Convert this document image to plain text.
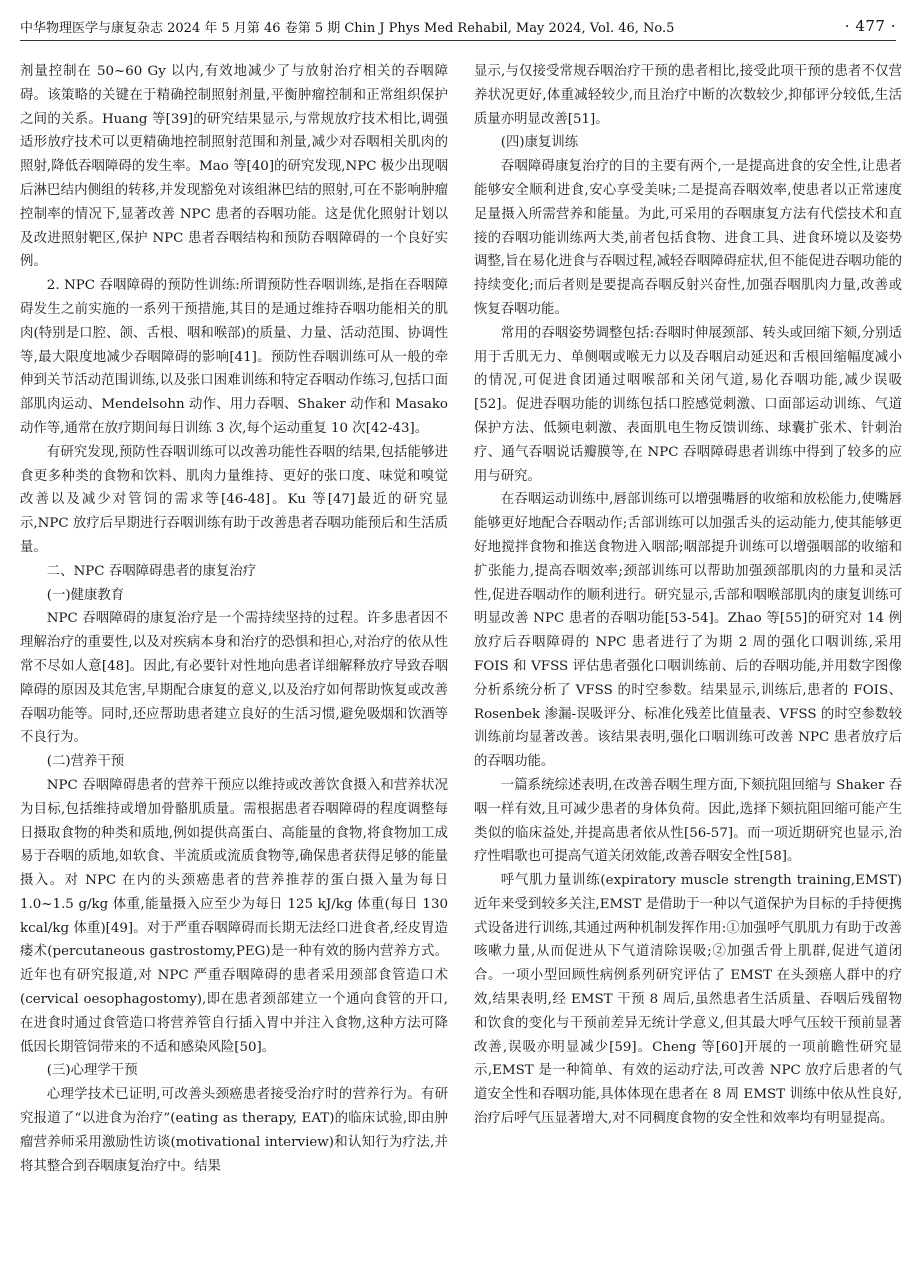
中华物理医学与康复杂志 2024 年 5 月第 46 卷第 5 期 Chin J Phys Med Rehabil, May 2024, Vol. 46, No.5	· 477 ·

剂量控制在 50~60 Gy 以内,有效地减少了与放射治疗相关的吞咽障碍。该策略的关键在于精确控制照射剂量,平衡肿瘤控制和正常组织保护之间的关系。Huang 等[39]的研究结果显示,与常规放疗技术相比,调强适形放疗技术可以更精确地控制照射范围和剂量,减少对吞咽相关肌肉的照射,降低吞咽障碍的发生率。Mao 等[40]的研究发现,NPC 极少出现咽后淋巴结内侧组的转移,并发现豁免对该组淋巴结的照射,可在不影响肿瘤控制率的情况下,显著改善 NPC 患者的吞咽功能。这是优化照射计划以及改进照射靶区,保护 NPC 患者吞咽结构和预防吞咽障碍的一个良好实例。

2. NPC 吞咽障碍的预防性训练:所谓预防性吞咽训练,是指在吞咽障碍发生之前实施的一系列干预措施,其目的是通过维持吞咽功能相关的肌肉(特别是口腔、颌、舌根、咽和喉部)的质量、力量、活动范围、协调性等,最大限度地减少吞咽障碍的影响[41]。预防性吞咽训练可从一般的牵伸到关节活动范围训练,以及张口困难训练和特定吞咽动作练习,包括口面部肌肉运动、Mendelsohn 动作、用力吞咽、Shaker 动作和 Masako 动作等,通常在放疗期间每日训练 3 次,每个运动重复 10 次[42-43]。

有研究发现,预防性吞咽训练可以改善功能性吞咽的结果,包括能够进食更多种类的食物和饮料、肌肉力量维持、更好的张口度、味觉和嗅觉改善以及减少对管饲的需求等[46-48]。Ku 等[47]最近的研究显示,NPC 放疗后早期进行吞咽训练有助于改善患者吞咽功能预后和生活质量。

二、NPC 吞咽障碍患者的康复治疗

(一)健康教育

NPC 吞咽障碍的康复治疗是一个需持续坚持的过程。许多患者因不理解治疗的重要性,以及对疾病本身和治疗的恐惧和担心,对治疗的依从性常不尽如人意[48]。因此,有必要针对性地向患者详细解释放疗导致吞咽障碍的原因及其危害,早期配合康复的意义,以及治疗如何帮助恢复或改善吞咽功能等。同时,还应帮助患者建立良好的生活习惯,避免吸烟和饮酒等不良行为。

(二)营养干预

NPC 吞咽障碍患者的营养干预应以维持或改善饮食摄入和营养状况为目标,包括维持或增加骨骼肌质量。需根据患者吞咽障碍的程度调整每日摄取食物的种类和质地,例如提供高蛋白、高能量的食物,将食物加工成易于吞咽的质地,如软食、半流质或流质食物等,确保患者获得足够的能量摄入。对 NPC 在内的头颈癌患者的营养推荐的蛋白摄入量为每日 1.0~1.5 g/kg 体重,能量摄入应至少为每日 125 kJ/kg 体重(每日 130 kcal/kg 体重)[49]。对于严重吞咽障碍而长期无法经口进食者,经皮胃造瘘术(percutaneous gastrostomy,PEG)是一种有效的肠内营养方式。近年也有研究报道,对 NPC 严重吞咽障碍的患者采用颈部食管造口术(cervical oesophagostomy),即在患者颈部建立一个通向食管的开口,在进食时通过食管造口将营养管自行插入胃中并注入食物,这种方法可降低因长期管饲带来的不适和感染风险[50]。

(三)心理学干预

心理学技术已证明,可改善头颈癌患者接受治疗时的营养行为。有研究报道了“以进食为治疗”(eating as therapy, EAT)的临床试验,即由肿瘤营养师采用激励性访谈(motivational interview)和认知行为疗法,并将其整合到吞咽康复治疗中。结果

显示,与仅接受常规吞咽治疗干预的患者相比,接受此项干预的患者不仅营养状况更好,体重减轻较少,而且治疗中断的次数较少,抑郁评分较低,生活质量亦明显改善[51]。

(四)康复训练

吞咽障碍康复治疗的目的主要有两个,一是提高进食的安全性,让患者能够安全顺利进食,安心享受美味;二是提高吞咽效率,使患者以正常速度足量摄入所需营养和能量。为此,可采用的吞咽康复方法有代偿技术和直接的吞咽功能训练两大类,前者包括食物、进食工具、进食环境以及姿势调整,旨在易化进食与吞咽过程,减轻吞咽障碍症状,但不能促进吞咽功能的持续变化;而后者则是要提高吞咽反射兴奋性,加强吞咽肌肉力量,改善或恢复吞咽功能。

常用的吞咽姿势调整包括:吞咽时伸展颈部、转头或回缩下颏,分别适用于舌肌无力、单侧咽或喉无力以及吞咽启动延迟和舌根回缩幅度减小的情况,可促进食团通过咽喉部和关闭气道,易化吞咽功能,减少误吸[52]。促进吞咽功能的训练包括口腔感觉刺激、口面部运动训练、气道保护方法、低频电刺激、表面肌电生物反馈训练、球囊扩张术、针刺治疗、通气吞咽说话瓣膜等,在 NPC 吞咽障碍患者训练中得到了较多的应用与研究。

在吞咽运动训练中,唇部训练可以增强嘴唇的收缩和放松能力,使嘴唇能够更好地配合吞咽动作;舌部训练可以加强舌头的运动能力,使其能够更好地搅拌食物和推送食物进入咽部;咽部提升训练可以增强咽部的收缩和扩张能力,提高吞咽效率;颈部训练可以帮助加强颈部肌肉的力量和灵活性,促进吞咽动作的顺利进行。研究显示,舌部和咽喉部肌肉的康复训练可明显改善 NPC 患者的吞咽功能[53-54]。Zhao 等[55]的研究对 14 例放疗后吞咽障碍的 NPC 患者进行了为期 2 周的强化口咽训练,采用 FOIS 和 VFSS 评估患者强化口咽训练前、后的吞咽功能,并用数字图像分析系统分析了 VFSS 的时空参数。结果显示,训练后,患者的 FOIS、Rosenbek 渗漏-误吸评分、标准化残差比值量表、VFSS 的时空参数较训练前均显著改善。该结果表明,强化口咽训练可改善 NPC 患者放疗后的吞咽功能。

一篇系统综述表明,在改善吞咽生理方面,下颏抗阻回缩与 Shaker 吞咽一样有效,且可减少患者的身体负荷。因此,选择下颏抗阻回缩可能产生类似的临床益处,并提高患者依从性[56-57]。而一项近期研究也显示,治疗性唱歌也可提高气道关闭效能,改善吞咽安全性[58]。

呼气肌力量训练(expiratory muscle strength training,EMST)近年来受到较多关注,EMST 是借助于一种以气道保护为目标的手持便携式设备进行训练,其通过两种机制发挥作用:①加强呼气肌肌力有助于改善咳嗽力量,从而促进从下气道清除误吸;②加强舌骨上肌群,促进气道闭合。一项小型回顾性病例系列研究评估了 EMST 在头颈癌人群中的疗效,结果表明,经 EMST 干预 8 周后,虽然患者生活质量、吞咽后残留物和饮食的变化与干预前差异无统计学意义,但其最大呼气压较干预前显著改善,误吸亦明显减少[59]。Cheng 等[60]开展的一项前瞻性研究显示,EMST 是一种简单、有效的运动疗法,可改善 NPC 放疗后患者的气道安全性和吞咽功能,具体体现在患者在 8 周 EMST 训练中依从性良好,治疗后呼气压显著增大,对不同稠度食物的安全性和效率均有明显提高。
